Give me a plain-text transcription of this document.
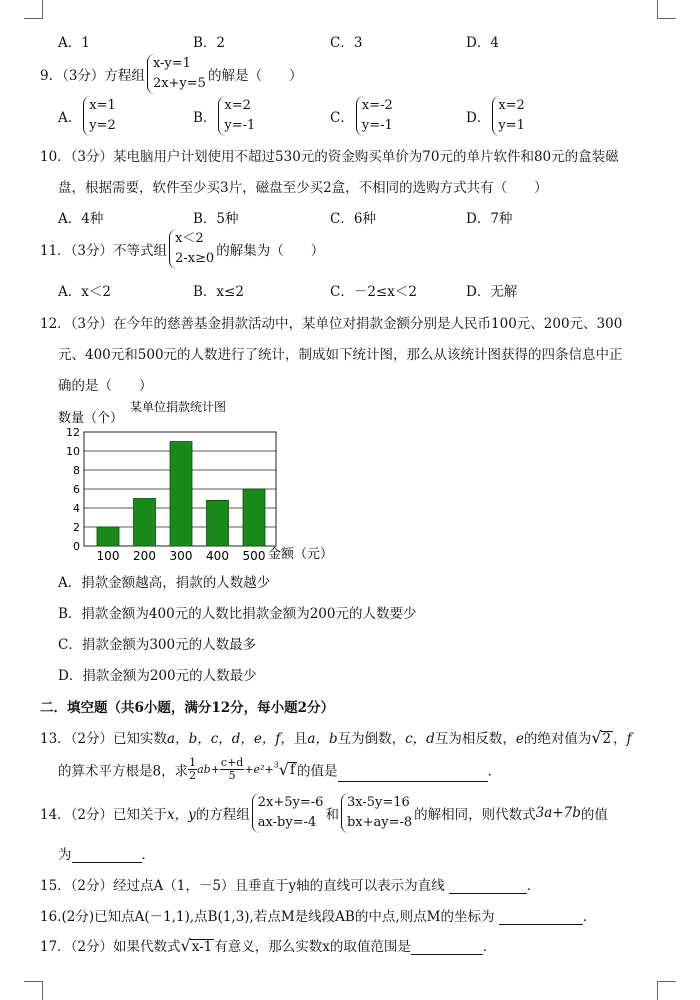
A．1	B．2	C．3	D．4
9．（3分）方程组
x-y=1
2x+y=5 的解是（　　）
A．
x=1
y=2	B．
x=2
y=-1	C．
x=-2
y=-1	D．
x=2
y=1
10．（3分）某电脑用户计划使用不超过530元的资金购买单价为70元的单片软件和80元的盒装磁
盘，根据需要，软件至少买3片，磁盘至少买2盒，不相同的选购方式共有（　　）
A．4种	B．5种	C．6种	D．7种
11．（3分）不等式组
x＜2
2-x≥0 的解集为（　　）
A．x＜2	B．x≤2	C．－2≤x＜2	D．无解
12．（3分）在今年的慈善基金捐款活动中，某单位对捐款金额分别是人民币100元、200元、300
元、400元和500元的人数进行了统计，制成如下统计图，那么从该统计图获得的四条信息中正
确的是（　　）
某单位捐款统计图
数量（个）
金额（元）
0
2
4
6
8
10
12
100 200 300 400 500
A．捐款金额越高，捐款的人数越少
B．捐款金额为400元的人数比捐款金额为200元的人数要少
C．捐款金额为300元的人数最多
D．捐款金额为200元的人数最少
二．填空题（共6小题，满分12分，每小题2分）
13．（2分）已知实数a，b，c，d，e，f，且a，b互为倒数，c，d互为相反数，e的绝对值为√2 ，f
的算术平方根是8，求 $\frac{1}{2} ab+ \frac{c+d}{5} +e^2+^3√f$ 的值是	．
14．（2分）已知关于x，y的方程组
2x+5y=-6
ax-by=-4 和
3x-5y=16
bx+ay=-8 的解相同，则代数式3a+7b的值
为	．
15．（2分）经过点A（1，－5）且垂直于y轴的直线可以表示为直线	．
16.(2分)已知点A(－1,1),点B(1,3),若点M是线段AB的中点,则点M的坐标为	．
17．（2分）如果代数式√x-1 有意义，那么实数x的取值范围是	．
